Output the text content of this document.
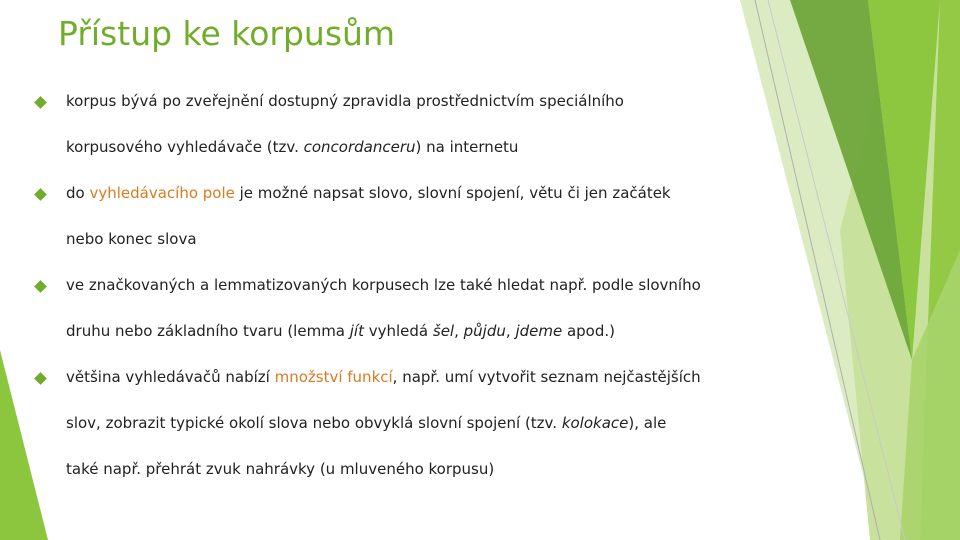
Přístup ke korpusům
korpus bývá po zveřejnění dostupný zpravidla prostřednictvím speciálního
korpusového vyhledávače (tzv. concordanceru) na internetu
do vyhledávacího pole je možné napsat slovo, slovní spojení, větu či jen začátek
nebo konec slova
ve značkovaných a lemmatizovaných korpusech lze také hledat např. podle slovního
druhu nebo základního tvaru (lemma jít vyhledá šel, půjdu, jdeme apod.)
většina vyhledávačů nabízí množství funkcí, např. umí vytvořit seznam nejčastějších
slov, zobrazit typické okolí slova nebo obvyklá slovní spojení (tzv. kolokace), ale
také např. přehrát zvuk nahrávky (u mluveného korpusu)
